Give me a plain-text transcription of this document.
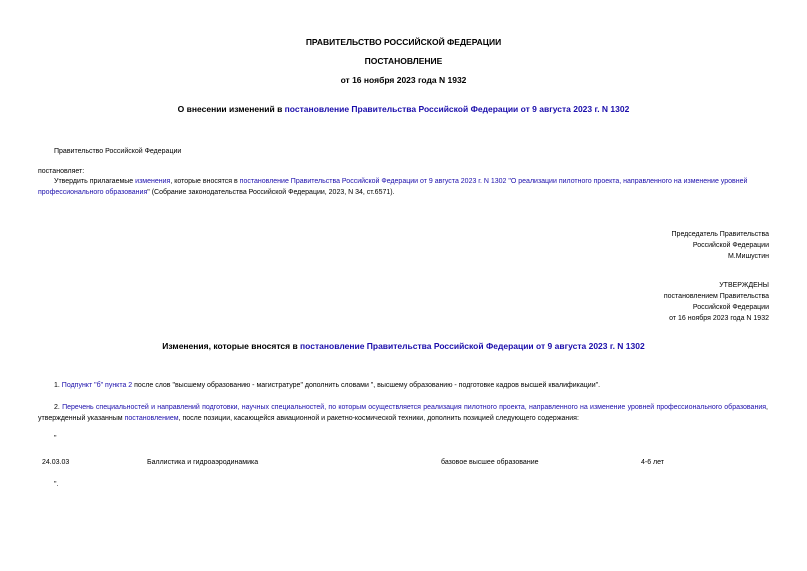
ПРАВИТЕЛЬСТВО РОССИЙСКОЙ ФЕДЕРАЦИИ
ПОСТАНОВЛЕНИЕ
от 16 ноября 2023 года N 1932
О внесении изменений в постановление Правительства Российской Федерации от 9 августа 2023 г. N 1302
Правительство Российской Федерации
постановляет:
Утвердить прилагаемые изменения, которые вносятся в постановление Правительства Российской Федерации от 9 августа 2023 г. N 1302 "О реализации пилотного проекта, направленного на изменение уровней профессионального образования" (Собрание законодательства Российской Федерации, 2023, N 34, ст.6571).
Председатель Правительства
Российской Федерации
М.Мишустин
УТВЕРЖДЕНЫ
постановлением Правительства
Российской Федерации
от 16 ноября 2023 года N 1932
Изменения, которые вносятся в постановление Правительства Российской Федерации от 9 августа 2023 г. N 1302
1. Подпункт "б" пункта 2 после слов "высшему образованию - магистратуре" дополнить словами ", высшему образованию - подготовке кадров высшей квалификации".
2. Перечень специальностей и направлений подготовки, научных специальностей, по которым осуществляется реализация пилотного проекта, направленного на изменение уровней профессионального образования, утвержденный указанным постановлением, после позиции, касающейся авиационной и ракетно-космической техники, дополнить позицией следующего содержания:
"
24.03.03	Баллистика и гидроаэродинамика	базовое высшее образование	4-6 лет
".
